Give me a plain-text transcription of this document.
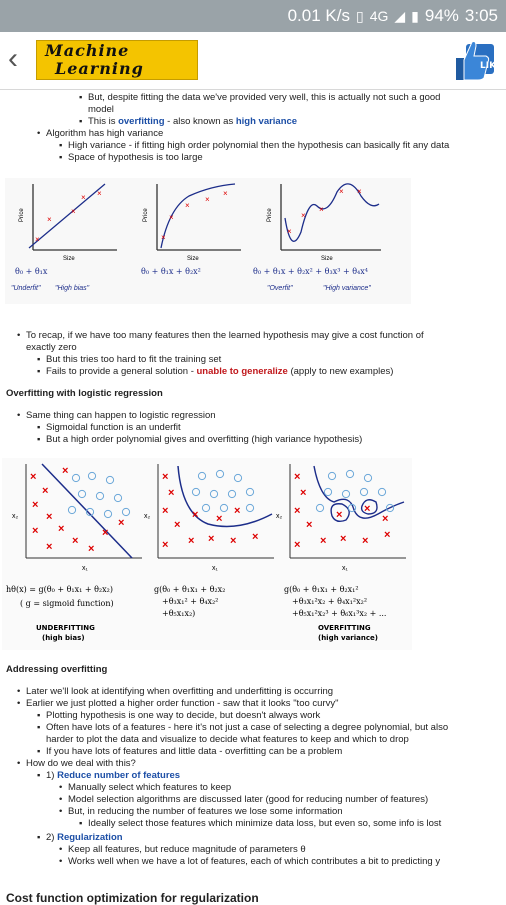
0.01 K/s ▯ 4G ◢ ▮ 94% 3:05
‹ Machine
Learning	LIKE
▪ But, despite fitting the data we've provided very well, this is actually not such a good
model
▪ This is overfitting - also known as high variance
• Algorithm has high variance
▪ High variance - if fitting high order polynomial then the hypothesis can basically fit any data
▪ Space of hypothesis is too large
×
×
×
× ×
Size
Price
θ₀ + θ₁x
"Underfit" "High bias"
×
×
×
×
×
Size
Price
θ₀ + θ₁x + θ₂x²
×
×
×
× ×
Size
Price
θ₀ + θ₁x + θ₂x² + θ₃x³ + θ₄x⁴
"Overfit"	"High variance"
• To recap, if we have too many features then the learned hypothesis may give a cost function of
exactly zero
▪ But this tries too hard to fit the training set
▪ Fails to provide a general solution - unable to generalize (apply to new examples)
Overfitting with logistic regression
• Same thing can happen to logistic regression
▪ Sigmoidal function is an underfit
▪ But a high order polynomial gives and overfitting (high variance hypothesis)
×
×
×
×
× ×
× ×
×
×
×
×
x₁
x₂
×
×
×
×
× × × ×
× ×
×
×
x₁
x₂
×
×
×
×
× × × ×
× ×
×
×
x₁
x₂
hθ(x) = g(θ₀ + θ₁x₁ + θ₂x₂)
( g = sigmoid function)
g(θ₀ + θ₁x₁ + θ₂x₂
+θ₃x₁² + θ₄x₂²
+θ₅x₁x₂)
g(θ₀ + θ₁x₁ + θ₂x₁²
+θ₃x₁²x₂ + θ₄x₁²x₂²
+θ₅x₁²x₂³ + θ₆x₁³x₂ + ...
UNDERFITTING
(high bias)
OVERFITTING
(high variance)
Addressing overfitting
• Later we'll look at identifying when overfitting and underfitting is occurring
• Earlier we just plotted a higher order function - saw that it looks "too curvy"
▪ Plotting hypothesis is one way to decide, but doesn't always work
▪ Often have lots of a features - here it's not just a case of selecting a degree polynomial, but also
harder to plot the data and visualize to decide what features to keep and which to drop
▪ If you have lots of features and little data - overfitting can be a problem
• How do we deal with this?
▪ 1) Reduce number of features
• Manually select which features to keep
• Model selection algorithms are discussed later (good for reducing number of features)
• But, in reducing the number of features we lose some information
▪ Ideally select those features which minimize data loss, but even so, some info is lost
▪ 2) Regularization
• Keep all features, but reduce magnitude of parameters θ
• Works well when we have a lot of features, each of which contributes a bit to predicting y
Cost function optimization for regularization
